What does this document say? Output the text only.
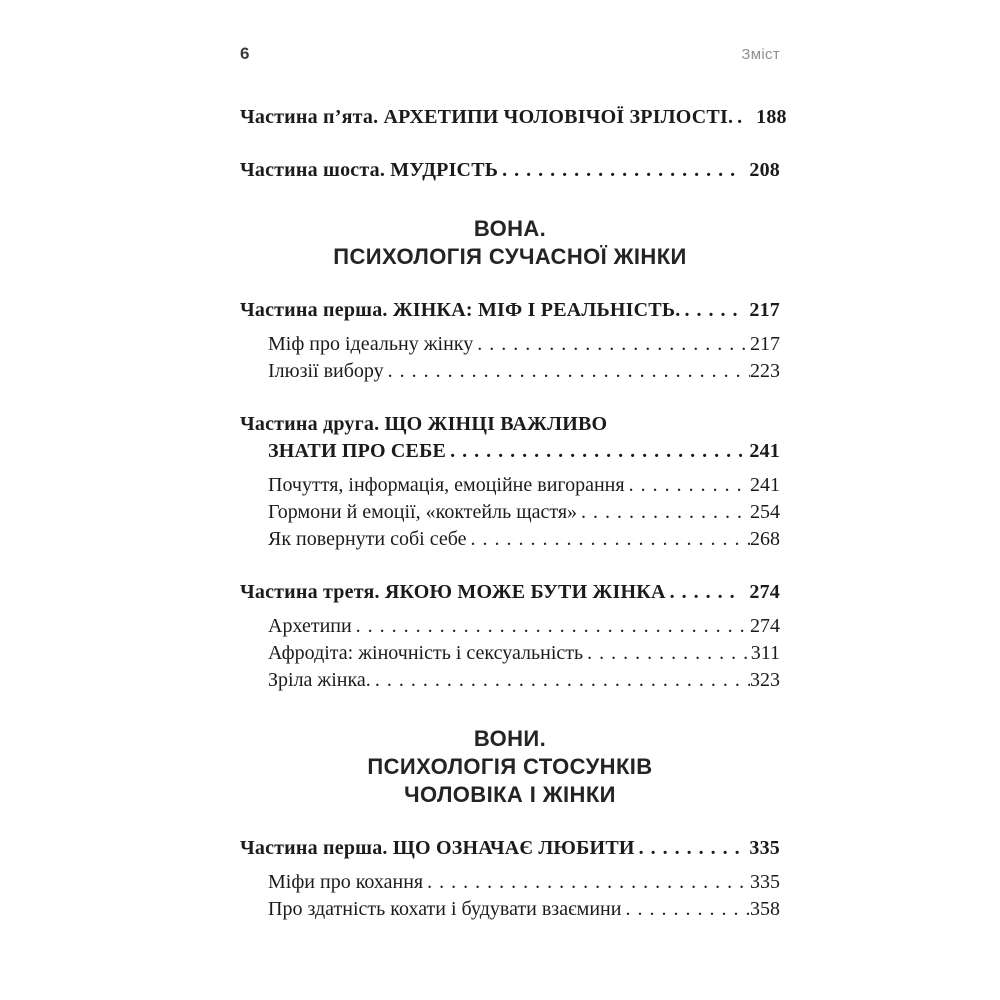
6	Зміст
Частина п’ята. АРХЕТИПИ ЧОЛОВІЧОЇ ЗРІЛОСТІ. . . . 188
Частина шоста. МУДРІСТЬ . . .	208
ВОНА.
ПСИХОЛОГІЯ СУЧАСНОЇ ЖІНКИ
Частина перша. ЖІНКА: МІФ І РЕАЛЬНІСТЬ. . . .	217
Міф про ідеальну жінку . . .	217
Ілюзії вибору . . .	223
Частина друга. ЩО ЖІНЦІ ВАЖЛИВО
ЗНАТИ ПРО СЕБЕ . . .	241
Почуття, інформація, емоційне вигорання . . .	241
Гормони й емоції, «коктейль щастя» . . .	254
Як повернути собі себе . . .	268
Частина третя. ЯКОЮ МОЖЕ БУТИ ЖІНКА . . .	274
Архетипи . . .	274
Афродіта: жіночність і сексуальність . . .	311
Зріла жінка. . . .	323
ВОНИ.
ПСИХОЛОГІЯ СТОСУНКІВ
ЧОЛОВІКА І ЖІНКИ
Частина перша. ЩО ОЗНАЧАЄ ЛЮБИТИ . . .	335
Міфи про кохання . . .	335
Про здатність кохати і будувати взаємини . . .	358
